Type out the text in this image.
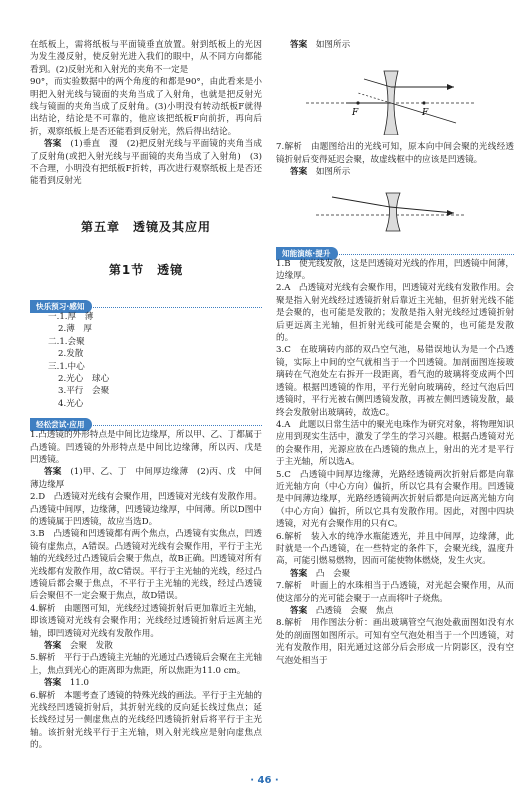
在纸板上，需将纸板与平面镜垂直放置。射到纸板上的光因为发生漫反射，使反射光进入我们的眼中，从不同方向都能看到。(2)反射光和入射光的夹角不一定是

90°，而实验数据中的两个角度的和都是90°，由此看来是小明把入射光线与镜面的夹角当成了入射角，也就是把反射光线与镜面的夹角当成了反射角。(3)小明没有转动纸板F就得出结论，结论是不可靠的，他应该把纸板F向前折，再向后折，观察纸板上是否还能看到反射光，然后得出结论。

答案　 (1)垂直　漫　(2)把反射光线与平面镜的夹角当成了反射角(或把入射光线与平面镜的夹角当成了入射角)　(3)不合理，小明没有把纸板F折转，再次进行观察纸板上是否还能看到反射光

第五章　透镜及其应用

第1节　透镜

快乐预习·感知

一.1.厚　薄

2.薄　厚

二.1.会聚

2.发散

三.1.中心

2.光心　球心

3.平行　会聚

4.光心

轻松尝试·应用

1.凸透镜的外形特点是中间比边缘厚，所以甲、乙、丁都属于凸透镜。凹透镜的外形特点是中间比边缘薄，所以丙、戊是凹透镜。

答案　 (1)甲、乙、丁　中间厚边缘薄　(2)丙、戊　中间薄边缘厚

2.D　凸透镜对光线有会聚作用，凹透镜对光线有发散作用。凸透镜中间厚，边缘薄，凹透镜边缘厚，中间薄。所以D图中的透镜属于凹透镜，故应当选D。

3.B　凸透镜和凹透镜都有两个焦点，凸透镜有实焦点，凹透镜有虚焦点，A错误。凸透镜对光线有会聚作用，平行于主光轴的光线经过凸透镜后会聚于焦点，故B正确。凹透镜对所有光线都有发散作用，故C错误。平行于主光轴的光线，经过凸透镜后都会聚于焦点，不平行于主光轴的光线，经过凸透镜后会聚但不一定会聚于焦点，故D错误。

4.解析　由题图可知，光线经过透镜折射后更加靠近主光轴，即该透镜对光线有会聚作用；光线经过透镜折射后远离主光轴，即凹透镜对光线有发散作用。

答案　 会聚　发散

5.解析　平行于凸透镜主光轴的光通过凸透镜后会聚在主光轴上，焦点到光心的距离即为焦距，所以焦距为11.0 cm。

答案　 11.0

6.解析　本题考查了透镜的特殊光线的画法。平行于主光轴的光线经凹透镜折射后，其折射光线的反向延长线过焦点；延长线经过另一侧虚焦点的光线经凹透镜折射后将平行于主光轴。该折射光线平行于主光轴，则入射光线应是射向虚焦点的。

答案　 如图所示

F	F

7.解析　由题图给出的光线可知，原本向中间会聚的光线经透镜折射后变得延迟会聚，故虚线框中的应该是凹透镜。

答案　 如图所示

知能演练·提升

1.B　使光线发散，这是凹透镜对光线的作用，凹透镜中间薄，边缘厚。

2.A　凸透镜对光线有会聚作用，凹透镜对光线有发散作用。会聚是指入射光线经过透镜折射后靠近主光轴，但折射光线不能是会聚的，也可能是发散的；发散是指入射光线经过透镜折射后更远离主光轴，但折射光线可能是会聚的，也可能是发散的。

3.C　在玻璃砖内部的双凸空气池，易错误地认为是一个凸透镜，实际上中间的空气就相当于一个凹透镜。加剖面图连接玻璃砖在气泡处左右拆开一段距离，看气泡的玻璃将变成两个凹透镜。根据凹透镜的作用，平行光射向玻璃砖，经过气泡后凹透镜时，平行光被右侧凹透镜发散，再被左侧凹透镜发散，最终会发散射出玻璃砖，故选C。

4.A　此题以日常生活中的聚光电珠作为研究对象，将物理知识应用到现实生活中，激发了学生的学习兴趣。根据凸透镜对光的会聚作用，光源应放在凸透镜的焦点上，射出的光才是平行于主光轴，所以选A。

5.C　凸透镜中间厚边缘薄，光路经透镜两次折射后都是向靠近光轴方向（中心方向）偏折，所以它具有会聚作用。凹透镜是中间薄边缘厚，光路经透镜两次折射后都是向远离光轴方向（中心方向）偏折，所以它具有发散作用。因此，对图中四块透镜，对光有会聚作用的只有C。

6.解析　装入水的纯净水瓶能透光，并且中间厚，边缘薄，此时就是一个凸透镜，在一些特定的条件下，会聚光线，温度升高，可能引燃易燃物，因而可能使物体燃烧，发生火灾。

答案　 凸　会聚

7.解析　叶面上的水珠相当于凸透镜，对光起会聚作用，从而使这部分的光可能会聚于一点而将叶子烧焦。

答案　 凸透镜　会聚　焦点

8.解析　用作图法分析：画出玻璃管空气泡处截面图如没有水处的剖面图如图所示。可知有空气泡处相当于一个凹透镜，对光有发散作用，阳光通过这部分后会形成一片阴影区，没有空气泡处相当于

· 46 ·
